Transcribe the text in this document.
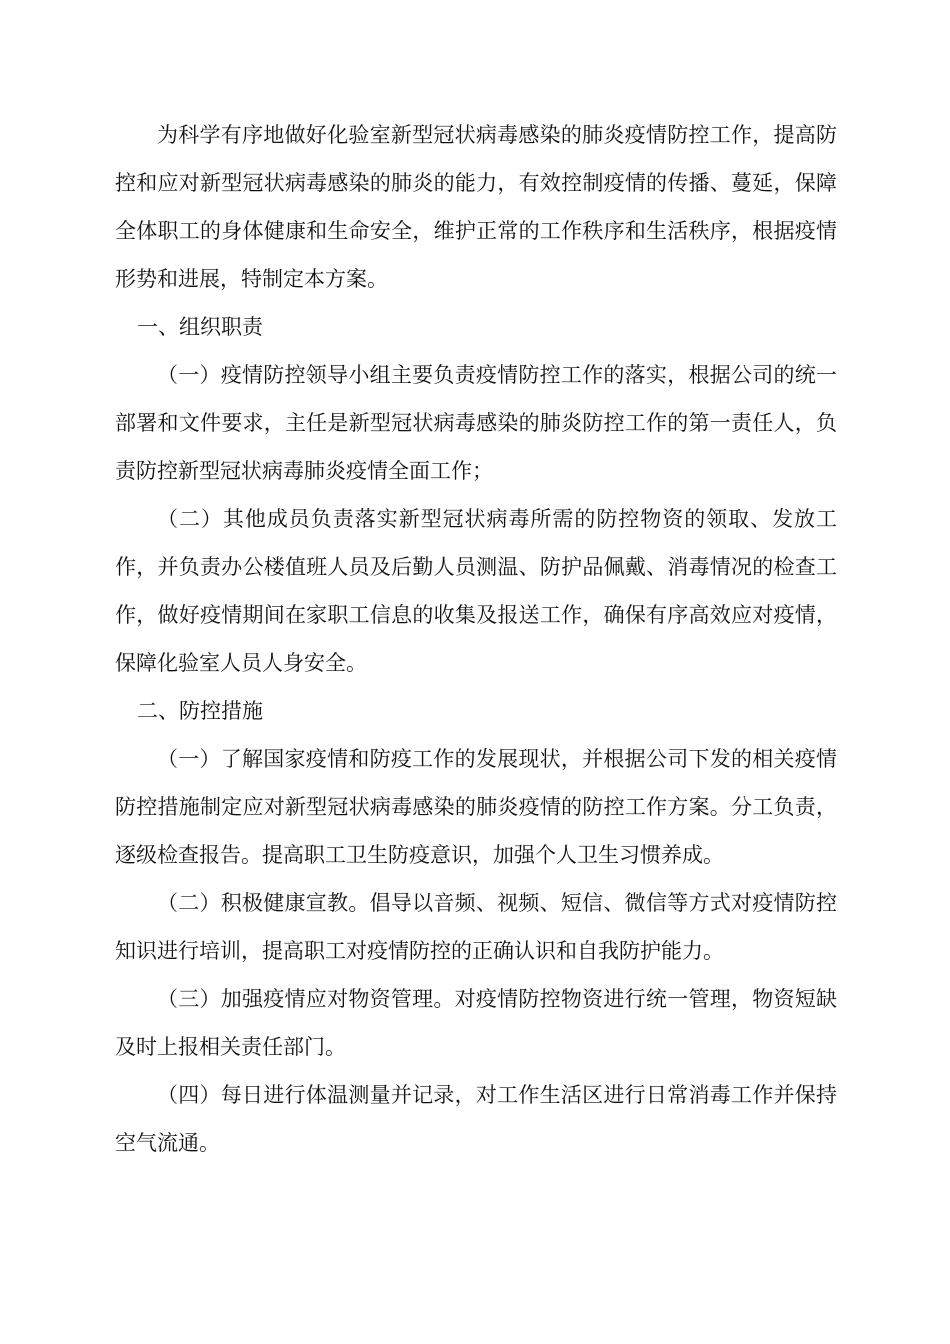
为科学有序地做好化验室新型冠状病毒感染的肺炎疫情防控工作，提高防控和应对新型冠状病毒感染的肺炎的能力，有效控制疫情的传播、蔓延，保障全体职工的身体健康和生命安全，维护正常的工作秩序和生活秩序，根据疫情形势和进展，特制定本方案。

一、组织职责

（一）疫情防控领导小组主要负责疫情防控工作的落实，根据公司的统一部署和文件要求，主任是新型冠状病毒感染的肺炎防控工作的第一责任人，负责防控新型冠状病毒肺炎疫情全面工作；

（二）其他成员负责落实新型冠状病毒所需的防控物资的领取、发放工作，并负责办公楼值班人员及后勤人员测温、防护品佩戴、消毒情况的检查工作，做好疫情期间在家职工信息的收集及报送工作，确保有序高效应对疫情，保障化验室人员人身安全。

二、防控措施

（一）了解国家疫情和防疫工作的发展现状，并根据公司下发的相关疫情防控措施制定应对新型冠状病毒感染的肺炎疫情的防控工作方案。分工负责，逐级检查报告。提高职工卫生防疫意识，加强个人卫生习惯养成。

（二）积极健康宣教。倡导以音频、视频、短信、微信等方式对疫情防控知识进行培训，提高职工对疫情防控的正确认识和自我防护能力。

（三）加强疫情应对物资管理。对疫情防控物资进行统一管理，物资短缺及时上报相关责任部门。

（四）每日进行体温测量并记录，对工作生活区进行日常消毒工作并保持空气流通。
